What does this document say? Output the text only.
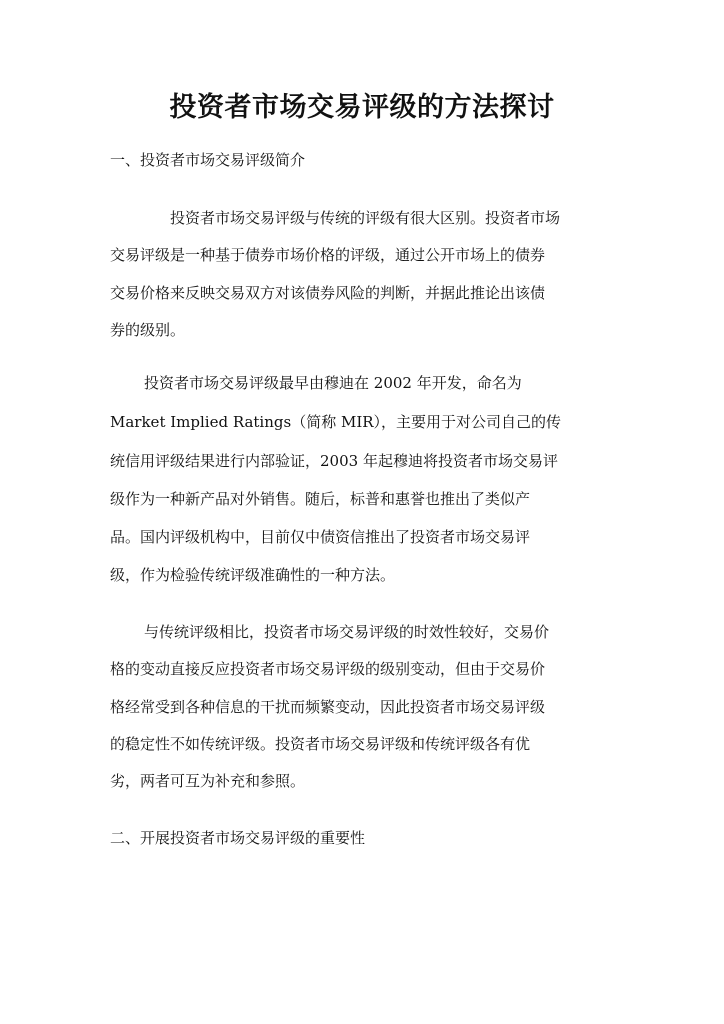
投资者市场交易评级的方法探讨
一、投资者市场交易评级简介
投资者市场交易评级与传统的评级有很大区别。投资者市场
交易评级是一种基于债券市场价格的评级，通过公开市场上的债券
交易价格来反映交易双方对该债券风险的判断，并据此推论出该债
券的级别。
投资者市场交易评级最早由穆迪在 2002 年开发，命名为
Market Implied Ratings（简称 MIR），主要用于对公司自己的传
统信用评级结果进行内部验证，2003 年起穆迪将投资者市场交易评
级作为一种新产品对外销售。随后，标普和惠誉也推出了类似产
品。国内评级机构中，目前仅中债资信推出了投资者市场交易评
级，作为检验传统评级准确性的一种方法。
与传统评级相比，投资者市场交易评级的时效性较好，交易价
格的变动直接反应投资者市场交易评级的级别变动，但由于交易价
格经常受到各种信息的干扰而频繁变动，因此投资者市场交易评级
的稳定性不如传统评级。投资者市场交易评级和传统评级各有优
劣，两者可互为补充和参照。
二、开展投资者市场交易评级的重要性
